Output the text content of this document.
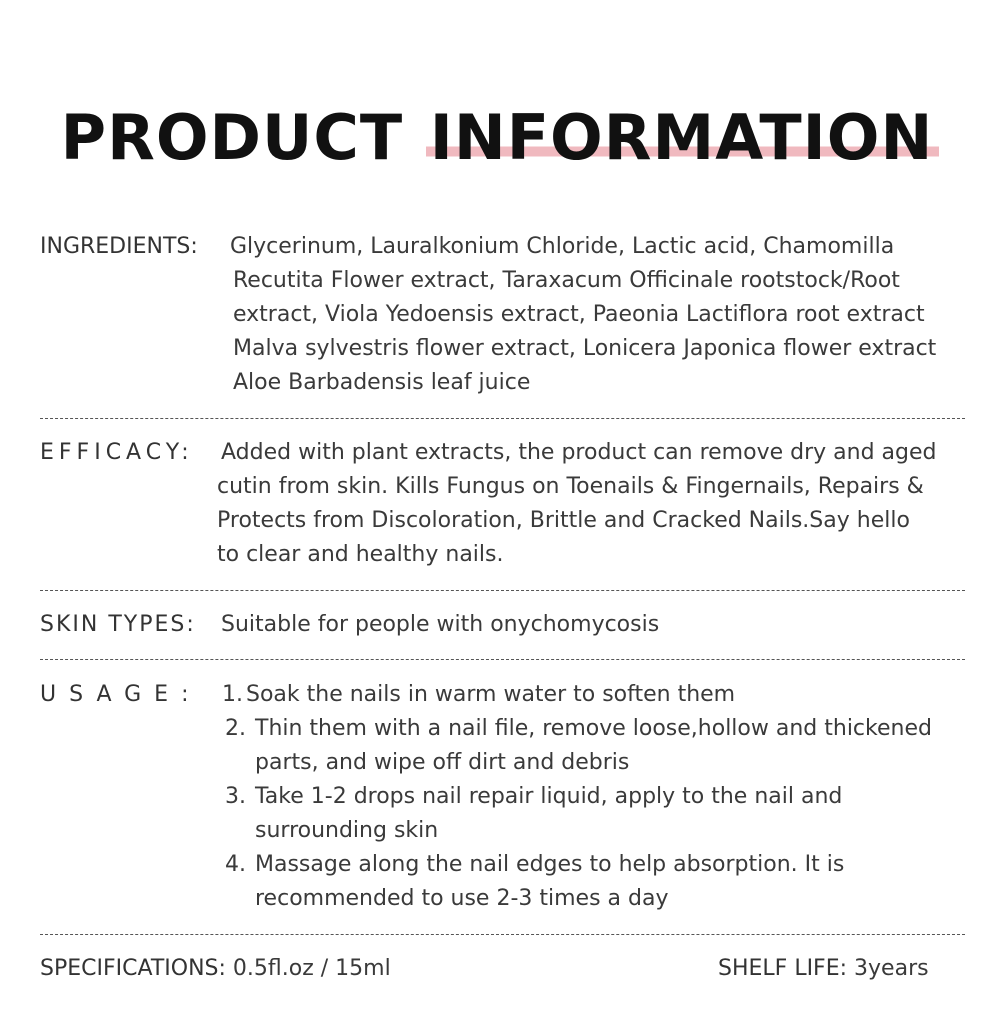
PRODUCT INFORMATION
INGREDIENTS: Glycerinum, Lauralkonium Chloride, Lactic acid, Chamomilla
Recutita Flower extract, Taraxacum Officinale rootstock/Root
extract, Viola Yedoensis extract, Paeonia Lactiflora root extract
Malva sylvestris flower extract, Lonicera Japonica flower extract
Aloe Barbadensis leaf juice
EFFICACY: Added with plant extracts, the product can remove dry and aged
cutin from skin. Kills Fungus on Toenails & Fingernails, Repairs &
Protects from Discoloration, Brittle and Cracked Nails.Say hello
to clear and healthy nails.
SKIN TYPES: Suitable for people with onychomycosis
USAGE: 1. Soak the nails in warm water to soften them
2. Thin them with a nail file, remove loose,hollow and thickened
parts, and wipe off dirt and debris
3. Take 1-2 drops nail repair liquid, apply to the nail and
surrounding skin
4. Massage along the nail edges to help absorption. It is
recommended to use 2-3 times a day
SPECIFICATIONS: 0.5fl.oz / 15ml	SHELF LIFE: 3years
